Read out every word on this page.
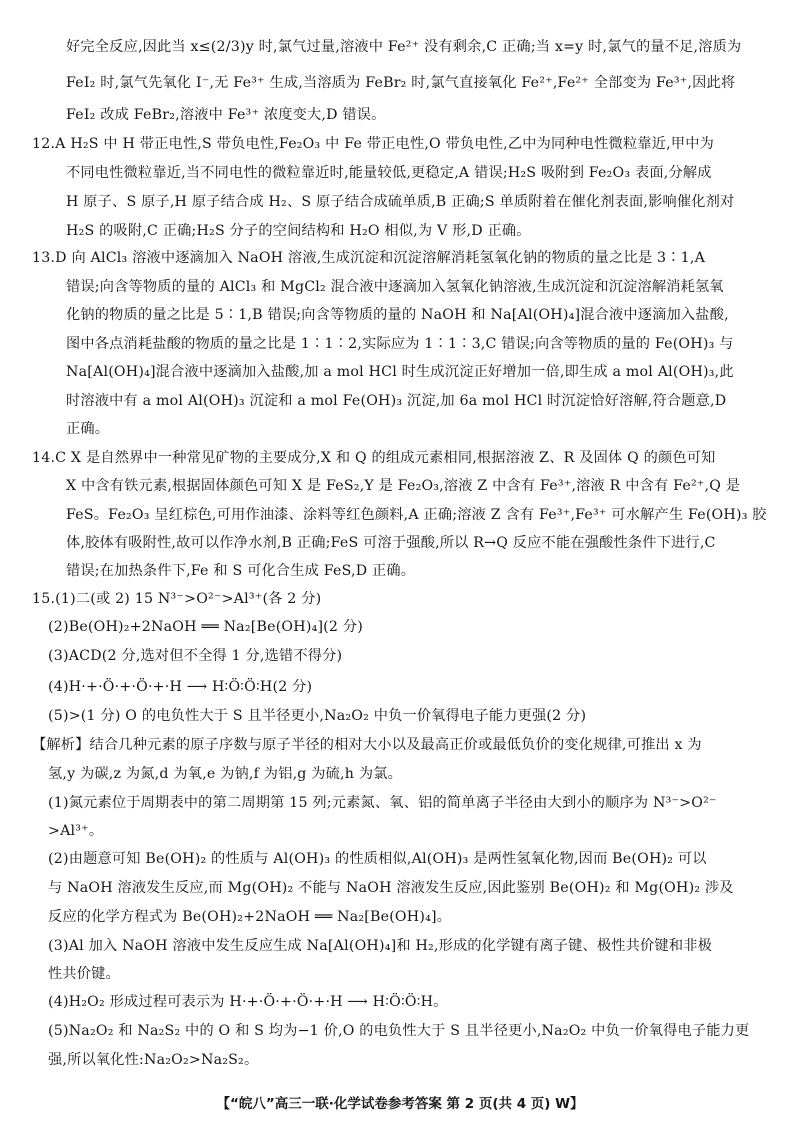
好完全反应,因此当 x≤(2/3)y 时,氯气过量,溶液中 Fe²⁺ 没有剩余,C 正确;当 x=y 时,氯气的量不足,溶质为
FeI₂ 时,氯气先氧化 I⁻,无 Fe³⁺ 生成,当溶质为 FeBr₂ 时,氯气直接氧化 Fe²⁺,Fe²⁺ 全部变为 Fe³⁺,因此将
FeI₂ 改成 FeBr₂,溶液中 Fe³⁺ 浓度变大,D 错误。
12.A H₂S 中 H 带正电性,S 带负电性,Fe₂O₃ 中 Fe 带正电性,O 带负电性,乙中为同种电性微粒靠近,甲中为
不同电性微粒靠近,当不同电性的微粒靠近时,能量较低,更稳定,A 错误;H₂S 吸附到 Fe₂O₃ 表面,分解成
H 原子、S 原子,H 原子结合成 H₂、S 原子结合成硫单质,B 正确;S 单质附着在催化剂表面,影响催化剂对
H₂S 的吸附,C 正确;H₂S 分子的空间结构和 H₂O 相似,为 V 形,D 正确。
13.D 向 AlCl₃ 溶液中逐滴加入 NaOH 溶液,生成沉淀和沉淀溶解消耗氢氧化钠的物质的量之比是 3∶1,A
错误;向含等物质的量的 AlCl₃ 和 MgCl₂ 混合液中逐滴加入氢氧化钠溶液,生成沉淀和沉淀溶解消耗氢氧
化钠的物质的量之比是 5∶1,B 错误;向含等物质的量的 NaOH 和 Na[Al(OH)₄]混合液中逐滴加入盐酸,
图中各点消耗盐酸的物质的量之比是 1∶1∶2,实际应为 1∶1∶3,C 错误;向含等物质的量的 Fe(OH)₃ 与
Na[Al(OH)₄]混合液中逐滴加入盐酸,加 a mol HCl 时生成沉淀正好增加一倍,即生成 a mol Al(OH)₃,此
时溶液中有 a mol Al(OH)₃ 沉淀和 a mol Fe(OH)₃ 沉淀,加 6a mol HCl 时沉淀恰好溶解,符合题意,D
正确。
14.C X 是自然界中一种常见矿物的主要成分,X 和 Q 的组成元素相同,根据溶液 Z、R 及固体 Q 的颜色可知
X 中含有铁元素,根据固体颜色可知 X 是 FeS₂,Y 是 Fe₂O₃,溶液 Z 中含有 Fe³⁺,溶液 R 中含有 Fe²⁺,Q 是
FeS。Fe₂O₃ 呈红棕色,可用作油漆、涂料等红色颜料,A 正确;溶液 Z 含有 Fe³⁺,Fe³⁺ 可水解产生 Fe(OH)₃ 胶
体,胶体有吸附性,故可以作净水剂,B 正确;FeS 可溶于强酸,所以 R→Q 反应不能在强酸性条件下进行,C
错误;在加热条件下,Fe 和 S 可化合生成 FeS,D 正确。
15.(1)二(或 2) 15 N³⁻>O²⁻>Al³⁺(各 2 分)
(2)Be(OH)₂+2NaOH ══ Na₂[Be(OH)₄](2 分)
(3)ACD(2 分,选对但不全得 1 分,选错不得分)
(4)H·+·Ö·+·Ö·+·H ⟶ H∶Ö∶Ö∶H(2 分)
(5)>(1 分) O 的电负性大于 S 且半径更小,Na₂O₂ 中负一价氧得电子能力更强(2 分)
【解析】结合几种元素的原子序数与原子半径的相对大小以及最高正价或最低负价的变化规律,可推出 x 为
氢,y 为碳,z 为氮,d 为氧,e 为钠,f 为铝,g 为硫,h 为氯。
(1)氮元素位于周期表中的第二周期第 15 列;元素氮、氧、铝的简单离子半径由大到小的顺序为 N³⁻>O²⁻
>Al³⁺。
(2)由题意可知 Be(OH)₂ 的性质与 Al(OH)₃ 的性质相似,Al(OH)₃ 是两性氢氧化物,因而 Be(OH)₂ 可以
与 NaOH 溶液发生反应,而 Mg(OH)₂ 不能与 NaOH 溶液发生反应,因此鉴别 Be(OH)₂ 和 Mg(OH)₂ 涉及
反应的化学方程式为 Be(OH)₂+2NaOH ══ Na₂[Be(OH)₄]。
(3)Al 加入 NaOH 溶液中发生反应生成 Na[Al(OH)₄]和 H₂,形成的化学键有离子键、极性共价键和非极
性共价键。
(4)H₂O₂ 形成过程可表示为 H·+·Ö·+·Ö·+·H ⟶ H∶Ö∶Ö∶H。
(5)Na₂O₂ 和 Na₂S₂ 中的 O 和 S 均为−1 价,O 的电负性大于 S 且半径更小,Na₂O₂ 中负一价氧得电子能力更
强,所以氧化性:Na₂O₂>Na₂S₂。
【“皖八”高三一联·化学试卷参考答案 第 2 页(共 4 页) W】
